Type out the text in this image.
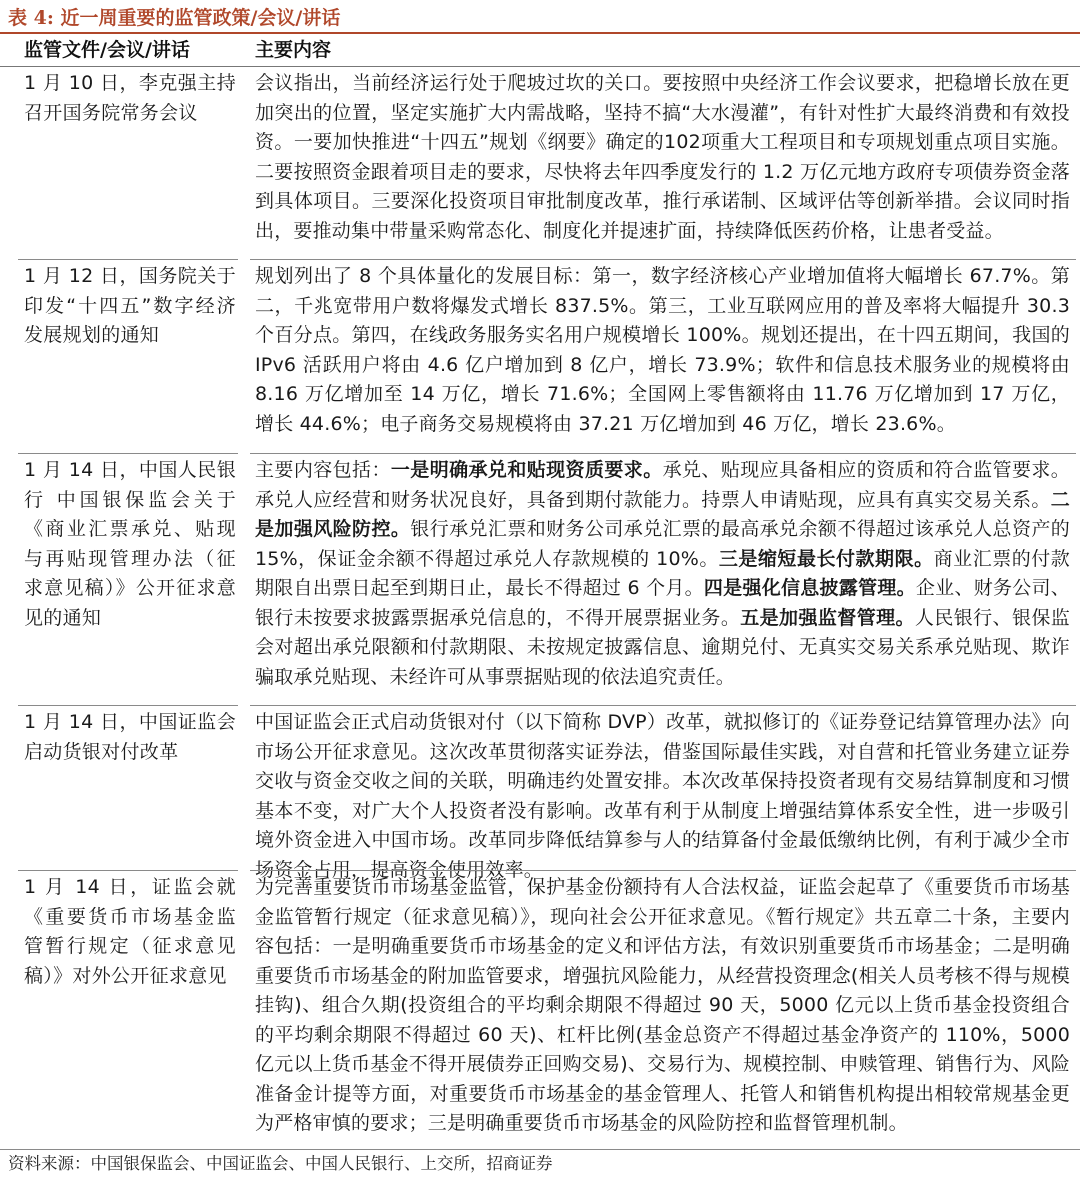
表 4: 近一周重要的监管政策/会议/讲话
监管文件/会议/讲话	主要内容
1 月 10 日，李克强主持召开国务院常务会议
会议指出，当前经济运行处于爬坡过坎的关口。要按照中央经济工作会议要求，把稳增长放在更加突出的位置，坚定实施扩大内需战略，坚持不搞“大水漫灌”，有针对性扩大最终消费和有效投资。一要加快推进“十四五”规划《纲要》确定的102项重大工程项目和专项规划重点项目实施。二要按照资金跟着项目走的要求，尽快将去年四季度发行的 1.2 万亿元地方政府专项债券资金落到具体项目。三要深化投资项目审批制度改革，推行承诺制、区域评估等创新举措。会议同时指出，要推动集中带量采购常态化、制度化并提速扩面，持续降低医药价格，让患者受益。
1 月 12 日，国务院关于印发“十四五”数字经济发展规划的通知
规划列出了 8 个具体量化的发展目标：第一，数字经济核心产业增加值将大幅增长 67.7%。第二，千兆宽带用户数将爆发式增长 837.5%。第三，工业互联网应用的普及率将大幅提升 30.3 个百分点。第四，在线政务服务实名用户规模增长 100%。规划还提出，在十四五期间，我国的 IPv6 活跃用户将由 4.6 亿户增加到 8 亿户，增长 73.9%；软件和信息技术服务业的规模将由 8.16 万亿增加至 14 万亿，增长 71.6%；全国网上零售额将由 11.76 万亿增加到 17 万亿，增长 44.6%；电子商务交易规模将由 37.21 万亿增加到 46 万亿，增长 23.6%。
1 月 14 日，中国人民银行 中国银保监会关于《商业汇票承兑、贴现与再贴现管理办法（征求意见稿）》公开征求意见的通知
主要内容包括：一是明确承兑和贴现资质要求。承兑、贴现应具备相应的资质和符合监管要求。承兑人应经营和财务状况良好，具备到期付款能力。持票人申请贴现，应具有真实交易关系。二是加强风险防控。银行承兑汇票和财务公司承兑汇票的最高承兑余额不得超过该承兑人总资产的 15%，保证金余额不得超过承兑人存款规模的 10%。三是缩短最长付款期限。商业汇票的付款期限自出票日起至到期日止，最长不得超过 6 个月。四是强化信息披露管理。企业、财务公司、银行未按要求披露票据承兑信息的，不得开展票据业务。五是加强监督管理。人民银行、银保监会对超出承兑限额和付款期限、未按规定披露信息、逾期兑付、无真实交易关系承兑贴现、欺诈骗取承兑贴现、未经许可从事票据贴现的依法追究责任。
1 月 14 日，中国证监会启动货银对付改革
中国证监会正式启动货银对付（以下简称 DVP）改革，就拟修订的《证券登记结算管理办法》向市场公开征求意见。这次改革贯彻落实证券法，借鉴国际最佳实践，对自营和托管业务建立证券交收与资金交收之间的关联，明确违约处置安排。本次改革保持投资者现有交易结算制度和习惯基本不变，对广大个人投资者没有影响。改革有利于从制度上增强结算体系安全性，进一步吸引境外资金进入中国市场。改革同步降低结算参与人的结算备付金最低缴纳比例，有利于减少全市场资金占用，提高资金使用效率。
1 月 14 日，证监会就《重要货币市场基金监管暂行规定（征求意见稿）》对外公开征求意见
为完善重要货币市场基金监管，保护基金份额持有人合法权益，证监会起草了《重要货币市场基金监管暂行规定（征求意见稿）》，现向社会公开征求意见。《暂行规定》共五章二十条，主要内容包括：一是明确重要货币市场基金的定义和评估方法，有效识别重要货币市场基金；二是明确重要货币市场基金的附加监管要求，增强抗风险能力，从经营投资理念(相关人员考核不得与规模挂钩)、组合久期(投资组合的平均剩余期限不得超过 90 天，5000 亿元以上货币基金投资组合的平均剩余期限不得超过 60 天)、杠杆比例(基金总资产不得超过基金净资产的 110%，5000 亿元以上货币基金不得开展债券正回购交易)、交易行为、规模控制、申赎管理、销售行为、风险准备金计提等方面，对重要货币市场基金的基金管理人、托管人和销售机构提出相较常规基金更为严格审慎的要求；三是明确重要货币市场基金的风险防控和监督管理机制。
资料来源：中国银保监会、中国证监会、中国人民银行、上交所，招商证券
